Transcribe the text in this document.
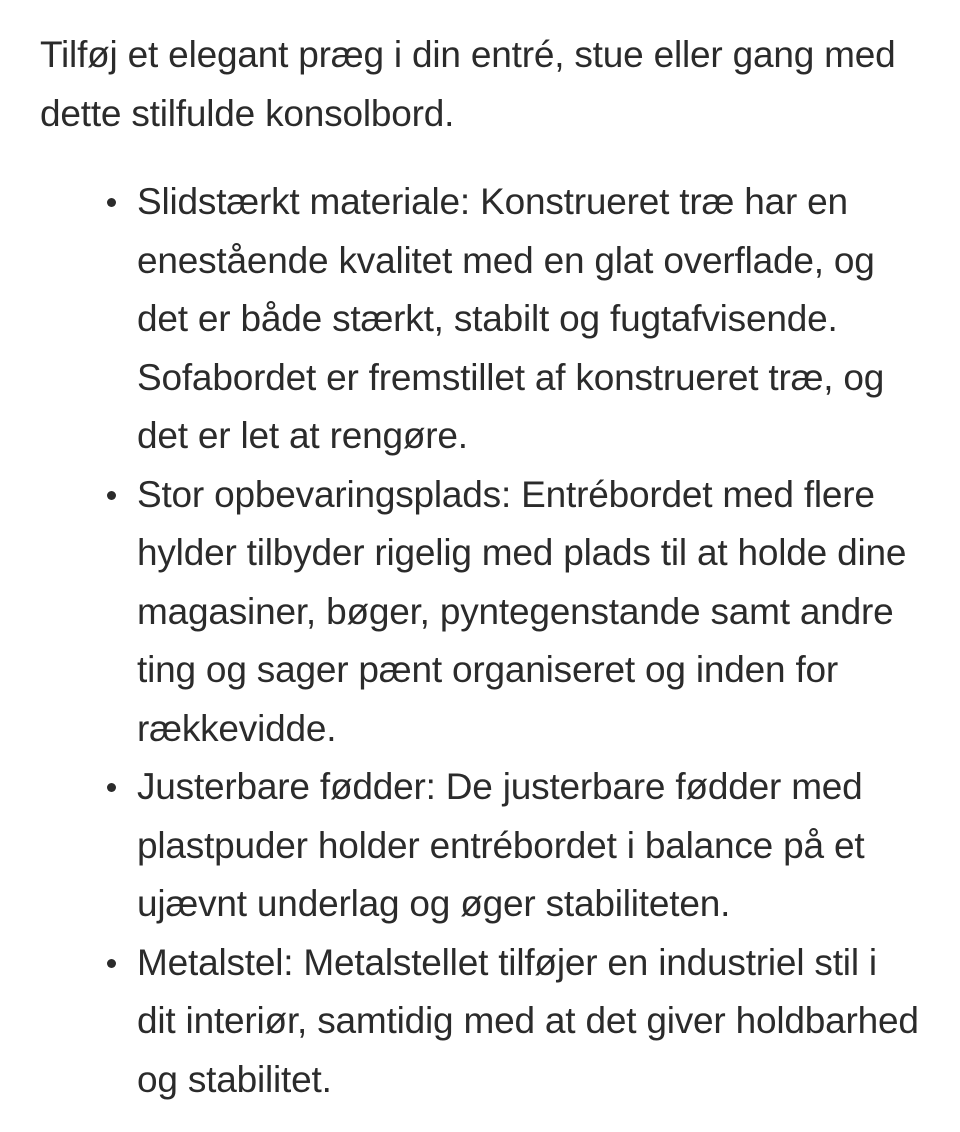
Tilføj et elegant præg i din entré, stue eller gang med dette stilfulde konsolbord.

Slidstærkt materiale: Konstrueret træ har en enestående kvalitet med en glat overflade, og det er både stærkt, stabilt og fugtafvisende. Sofabordet er fremstillet af konstrueret træ, og det er let at rengøre.
Stor opbevaringsplads: Entrébordet med flere hylder tilbyder rigelig med plads til at holde dine magasiner, bøger, pyntegenstande samt andre ting og sager pænt organiseret og inden for rækkevidde.
Justerbare fødder: De justerbare fødder med plastpuder holder entrébordet i balance på et ujævnt underlag og øger stabiliteten.
Metalstel: Metalstellet tilføjer en industriel stil i dit interiør, samtidig med at det giver holdbarhed og stabilitet.
